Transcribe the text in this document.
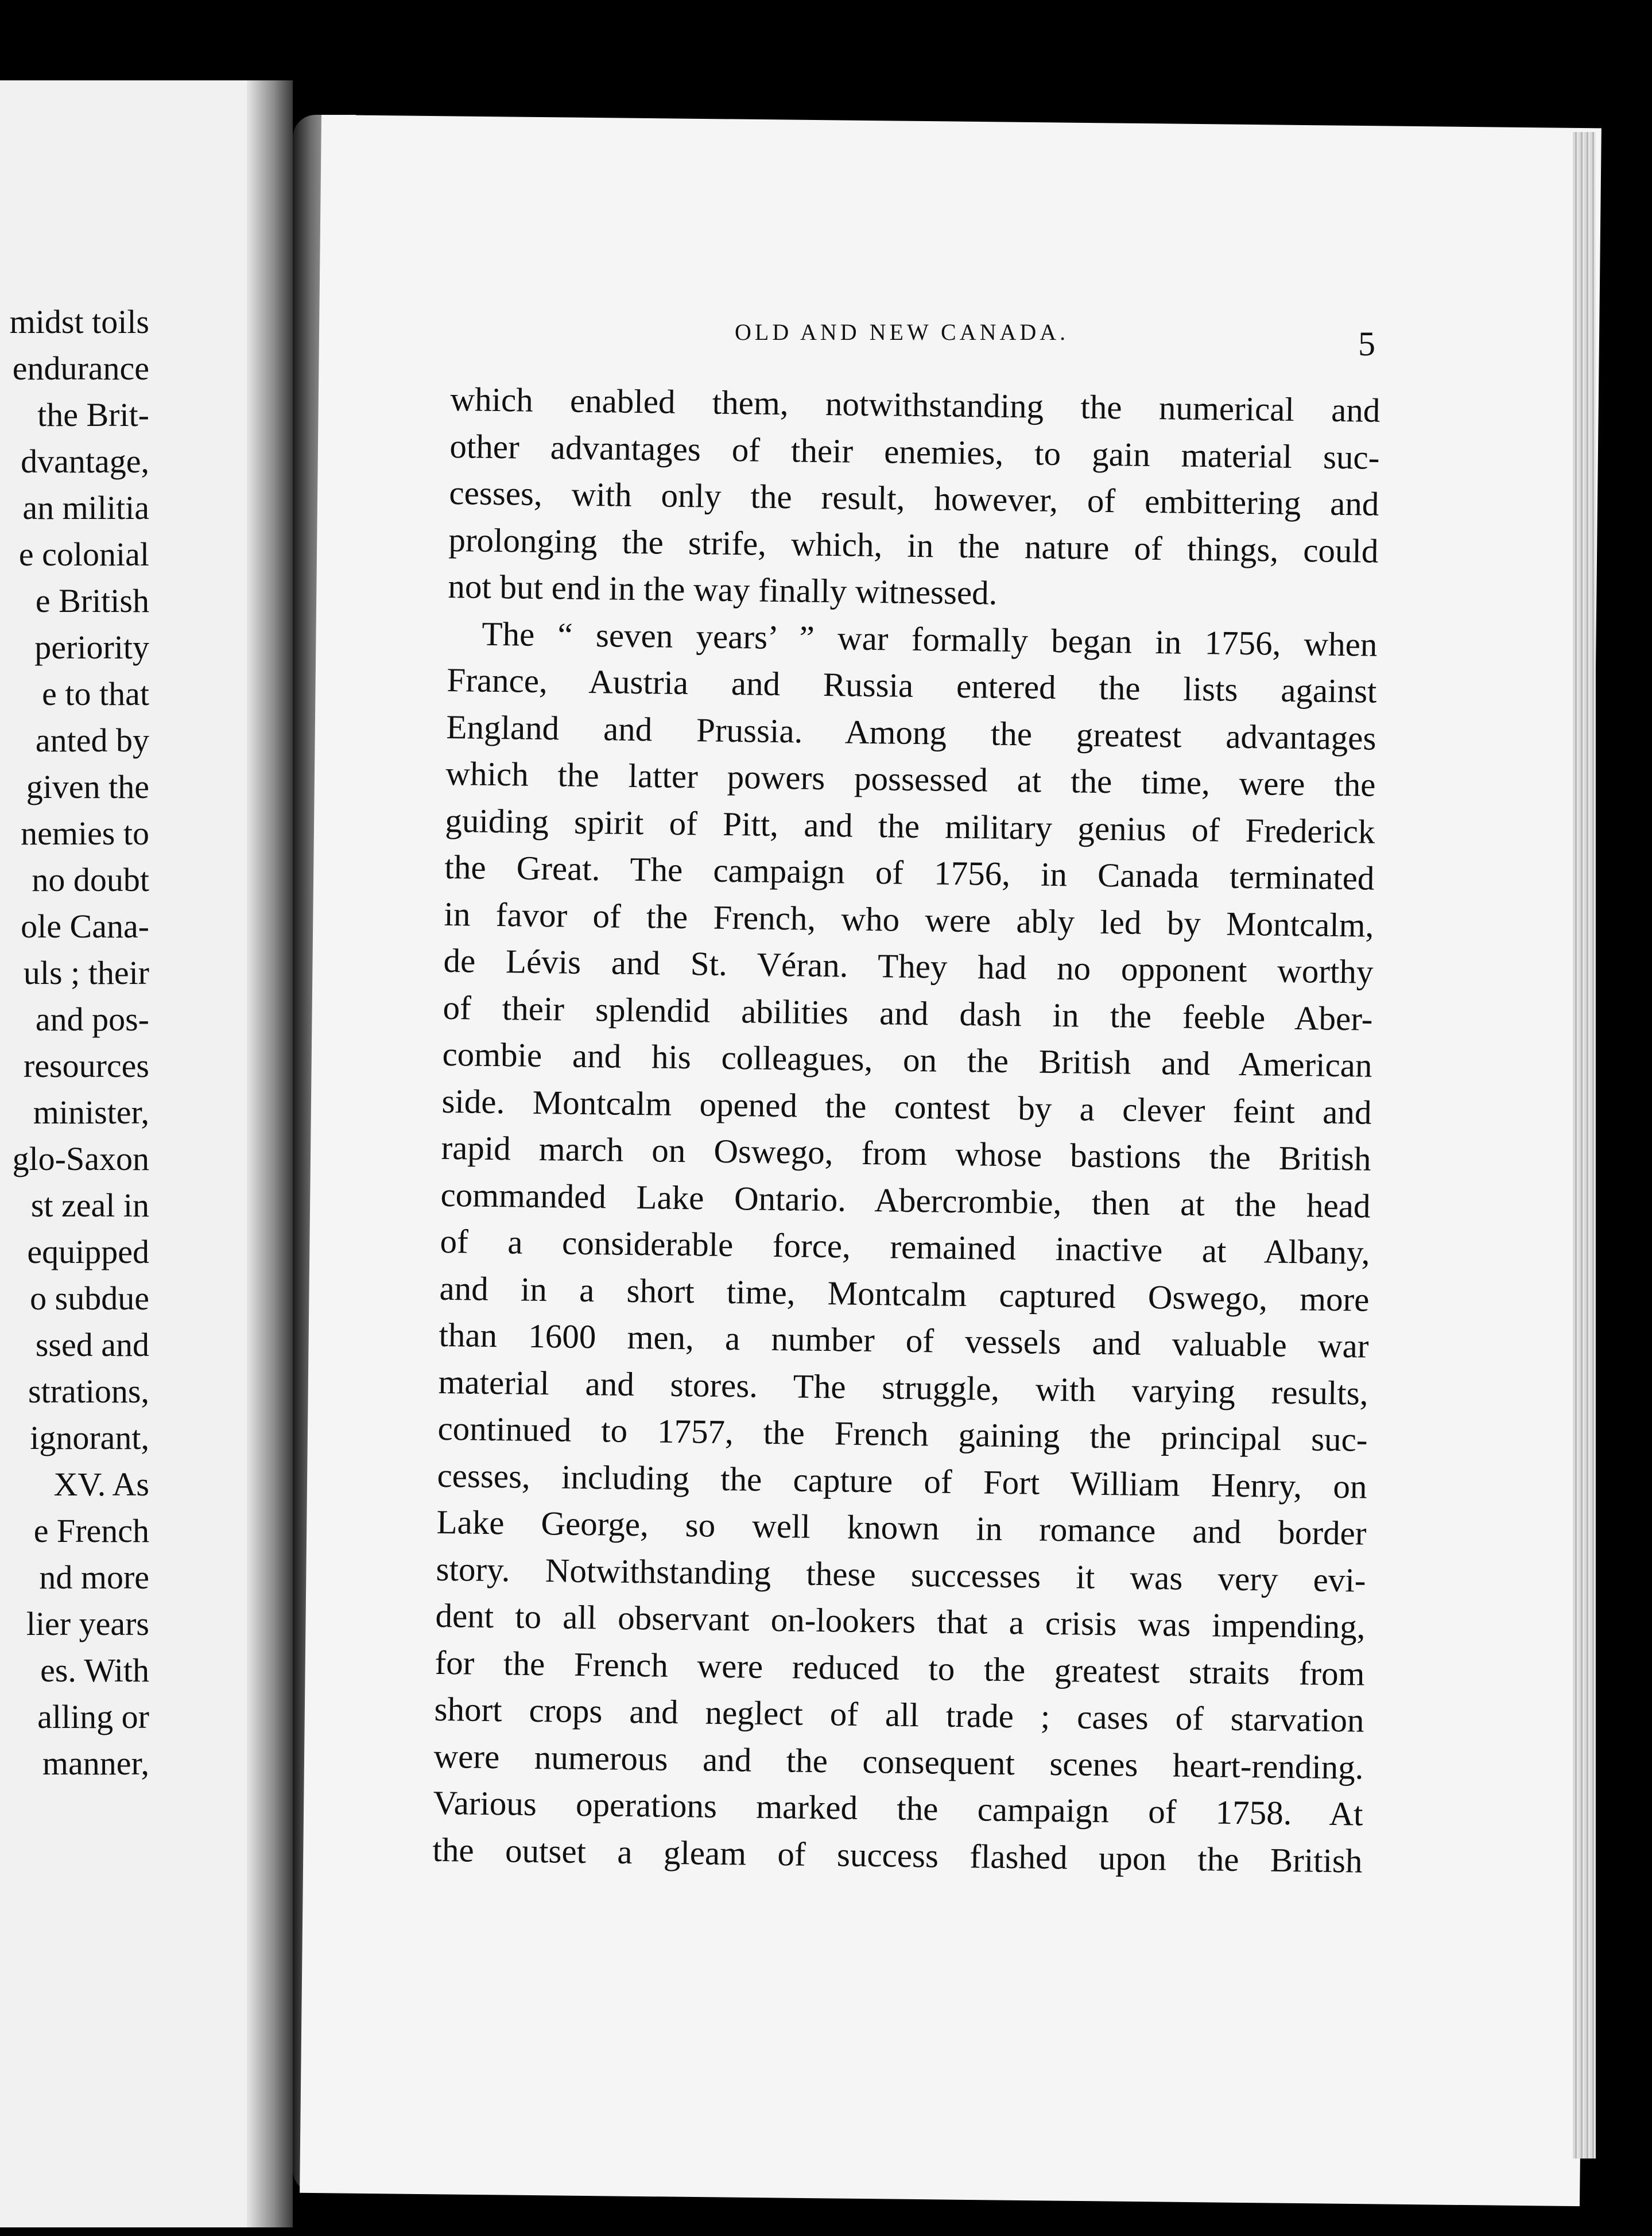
midst toils
endurance
the Brit-
dvantage,
an militia
e colonial
e British
periority
e to that
anted by
given the
nemies to
no doubt
ole Cana-
uls ; their
and pos-
resources
minister,
glo-Saxon
st zeal in
equipped
o subdue
ssed and
strations,
ignorant,
XV. As
e French
nd more
lier years
es. With
alling or
manner,
OLD AND NEW CANADA.	5
which enabled them, notwithstanding the numerical and
other advantages of their enemies, to gain material suc-
cesses, with only the result, however, of embittering and
prolonging the strife, which, in the nature of things, could
not but end in the way finally witnessed.
The “ seven years’ ” war formally began in 1756, when
France, Austria and Russia entered the lists against
England and Prussia. Among the greatest advantages
which the latter powers possessed at the time, were the
guiding spirit of Pitt, and the military genius of Frederick
the Great. The campaign of 1756, in Canada terminated
in favor of the French, who were ably led by Montcalm,
de Lévis and St. Véran. They had no opponent worthy
of their splendid abilities and dash in the feeble Aber-
combie and his colleagues, on the British and American
side. Montcalm opened the contest by a clever feint and
rapid march on Oswego, from whose bastions the British
commanded Lake Ontario. Abercrombie, then at the head
of a considerable force, remained inactive at Albany,
and in a short time, Montcalm captured Oswego, more
than 1600 men, a number of vessels and valuable war
material and stores. The struggle, with varying results,
continued to 1757, the French gaining the principal suc-
cesses, including the capture of Fort William Henry, on
Lake George, so well known in romance and border
story. Notwithstanding these successes it was very evi-
dent to all observant on-lookers that a crisis was impending,
for the French were reduced to the greatest straits from
short crops and neglect of all trade ; cases of starvation
were numerous and the consequent scenes heart-rending.
Various operations marked the campaign of 1758. At
the outset a gleam of success flashed upon the British
